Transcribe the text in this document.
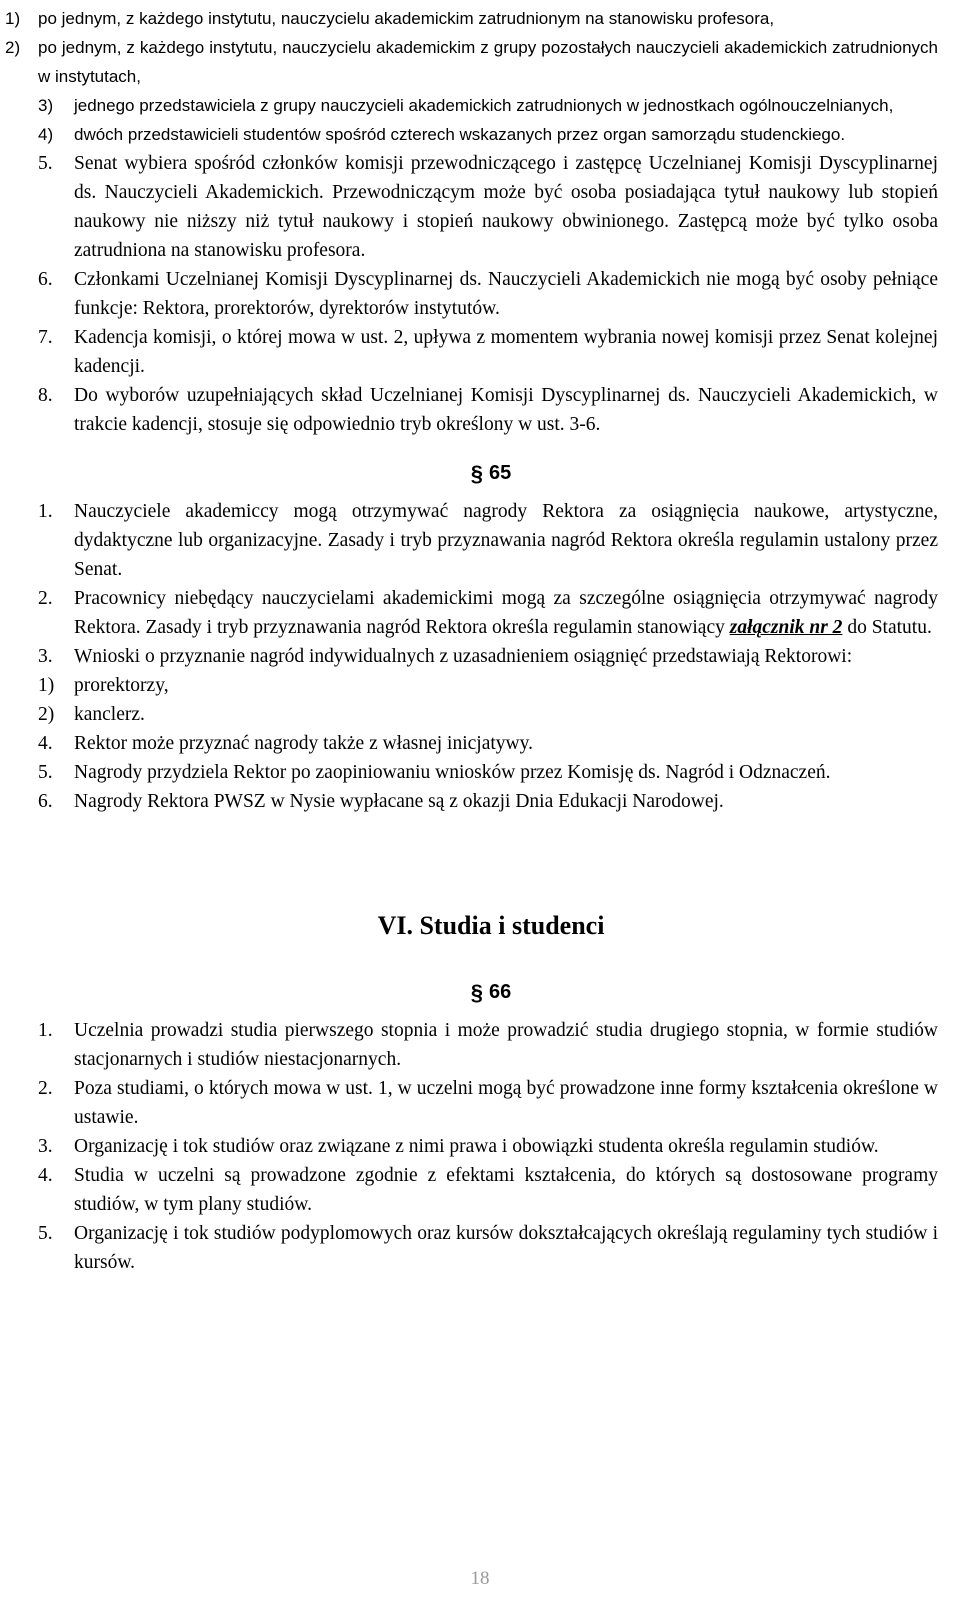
1) po jednym, z każdego instytutu, nauczycielu akademickim zatrudnionym na stanowisku profesora,
2) po jednym, z każdego instytutu, nauczycielu akademickim z grupy pozostałych nauczycieli akademickich zatrudnionych w instytutach,
3) jednego przedstawiciela z grupy nauczycieli akademickich zatrudnionych w jednostkach ogólnouczelnianych,
4) dwóch przedstawicieli studentów spośród czterech wskazanych przez organ samorządu studenckiego.
5. Senat wybiera spośród członków komisji przewodniczącego i zastępcę Uczelnianej Komisji Dyscyplinarnej ds. Nauczycieli Akademickich. Przewodniczącym może być osoba posiadająca tytuł naukowy lub stopień naukowy nie niższy niż tytuł naukowy i stopień naukowy obwinionego. Zastępcą może być tylko osoba zatrudniona na stanowisku profesora.
6. Członkami Uczelnianej Komisji Dyscyplinarnej ds. Nauczycieli Akademickich nie mogą być osoby pełniące funkcje: Rektora, prorektorów, dyrektorów instytutów.
7. Kadencja komisji, o której mowa w ust. 2, upływa z momentem wybrania nowej komisji przez Senat kolejnej kadencji.
8. Do wyborów uzupełniających skład Uczelnianej Komisji Dyscyplinarnej ds. Nauczycieli Akademickich, w trakcie kadencji, stosuje się odpowiednio tryb określony w ust. 3-6.
§ 65
1. Nauczyciele akademiccy mogą otrzymywać nagrody Rektora za osiągnięcia naukowe, artystyczne, dydaktyczne lub organizacyjne. Zasady i tryb przyznawania nagród Rektora określa regulamin ustalony przez Senat.
2. Pracownicy niebędący nauczycielami akademickimi mogą za szczególne osiągnięcia otrzymywać nagrody Rektora. Zasady i tryb przyznawania nagród Rektora określa regulamin stanowiący załącznik nr 2 do Statutu.
3. Wnioski o przyznanie nagród indywidualnych z uzasadnieniem osiągnięć przedstawiają Rektorowi:
1) prorektorzy,
2) kanclerz.
4. Rektor może przyznać nagrody także z własnej inicjatywy.
5. Nagrody przydziela Rektor po zaopiniowaniu wniosków przez Komisję ds. Nagród i Odznaczeń.
6. Nagrody Rektora PWSZ w Nysie wypłacane są z okazji Dnia Edukacji Narodowej.
VI. Studia i studenci
§ 66
1. Uczelnia prowadzi studia pierwszego stopnia i może prowadzić studia drugiego stopnia, w formie studiów stacjonarnych i studiów niestacjonarnych.
2. Poza studiami, o których mowa w ust. 1, w uczelni mogą być prowadzone inne formy kształcenia określone w ustawie.
3. Organizację i tok studiów oraz związane z nimi prawa i obowiązki studenta określa regulamin studiów.
4. Studia w uczelni są prowadzone zgodnie z efektami kształcenia, do których są dostosowane programy studiów, w tym plany studiów.
5. Organizację i tok studiów podyplomowych oraz kursów dokształcających określają regulaminy tych studiów i kursów.
18
